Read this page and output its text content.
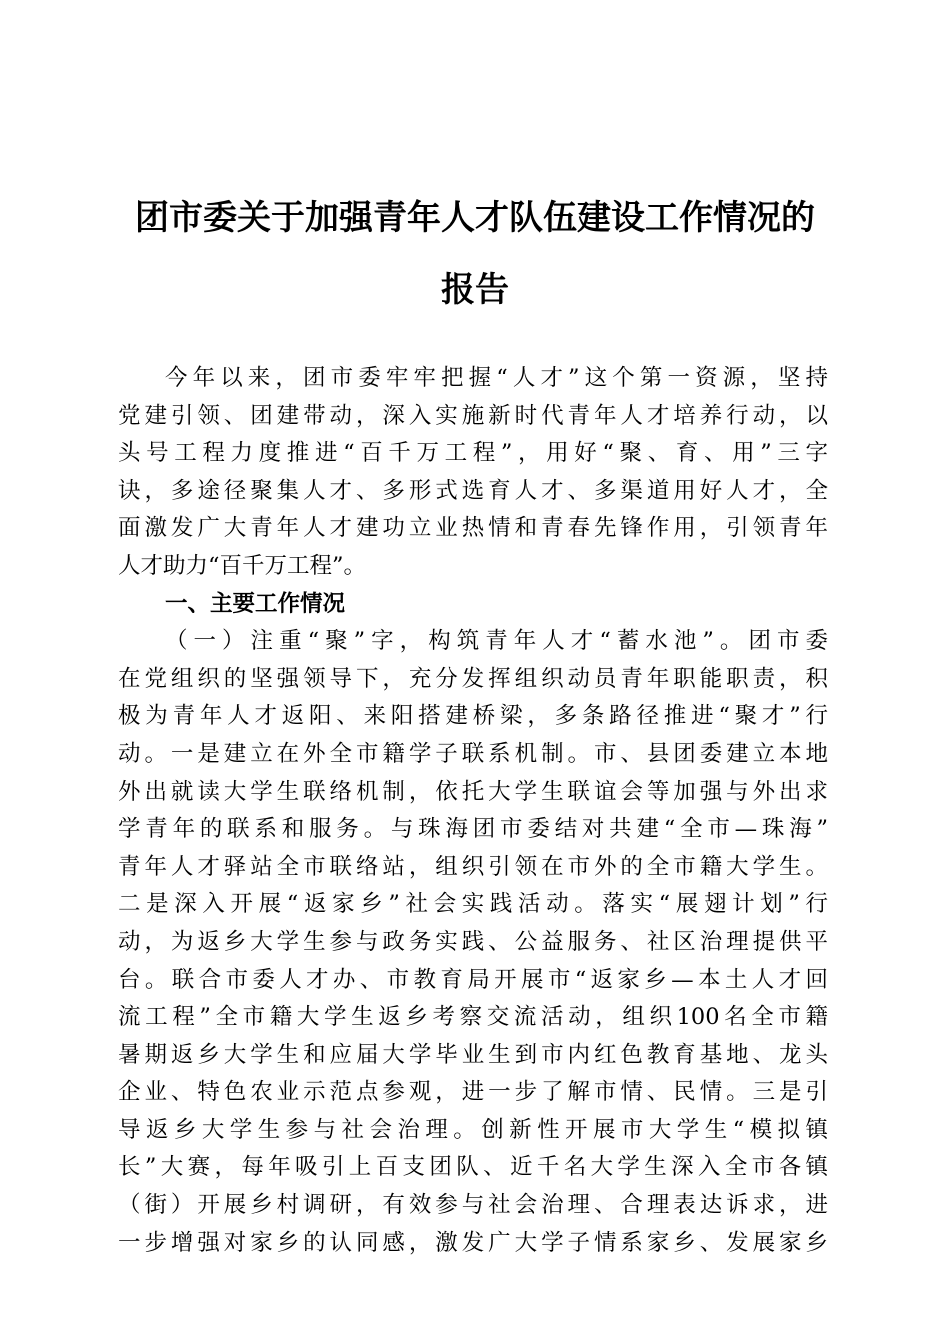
团市委关于加强青年人才队伍建设工作情况的
报告
今年以来，团市委牢牢把握“人才”这个第一资源，坚持
党建引领、团建带动，深入实施新时代青年人才培养行动，以
头号工程力度推进“百千万工程”，用好“聚、育、用”三字
诀，多途径聚集人才、多形式选育人才、多渠道用好人才，全
面激发广大青年人才建功立业热情和青春先锋作用，引领青年
人才助力“百千万工程”。
一、主要工作情况
（一）注重“聚”字，构筑青年人才“蓄水池”。团市委
在党组织的坚强领导下，充分发挥组织动员青年职能职责，积
极为青年人才返阳、来阳搭建桥梁，多条路径推进“聚才”行
动。一是建立在外全市籍学子联系机制。市、县团委建立本地
外出就读大学生联络机制，依托大学生联谊会等加强与外出求
学青年的联系和服务。与珠海团市委结对共建“全市—珠海”
青年人才驿站全市联络站，组织引领在市外的全市籍大学生。
二是深入开展“返家乡”社会实践活动。落实“展翅计划”行
动，为返乡大学生参与政务实践、公益服务、社区治理提供平
台。联合市委人才办、市教育局开展市“返家乡—本土人才回
流工程”全市籍大学生返乡考察交流活动，组织100名全市籍
暑期返乡大学生和应届大学毕业生到市内红色教育基地、龙头
企业、特色农业示范点参观，进一步了解市情、民情。三是引
导返乡大学生参与社会治理。创新性开展市大学生“模拟镇
长”大赛，每年吸引上百支团队、近千名大学生深入全市各镇
（街）开展乡村调研，有效参与社会治理、合理表达诉求，进
一步增强对家乡的认同感，激发广大学子情系家乡、发展家乡
